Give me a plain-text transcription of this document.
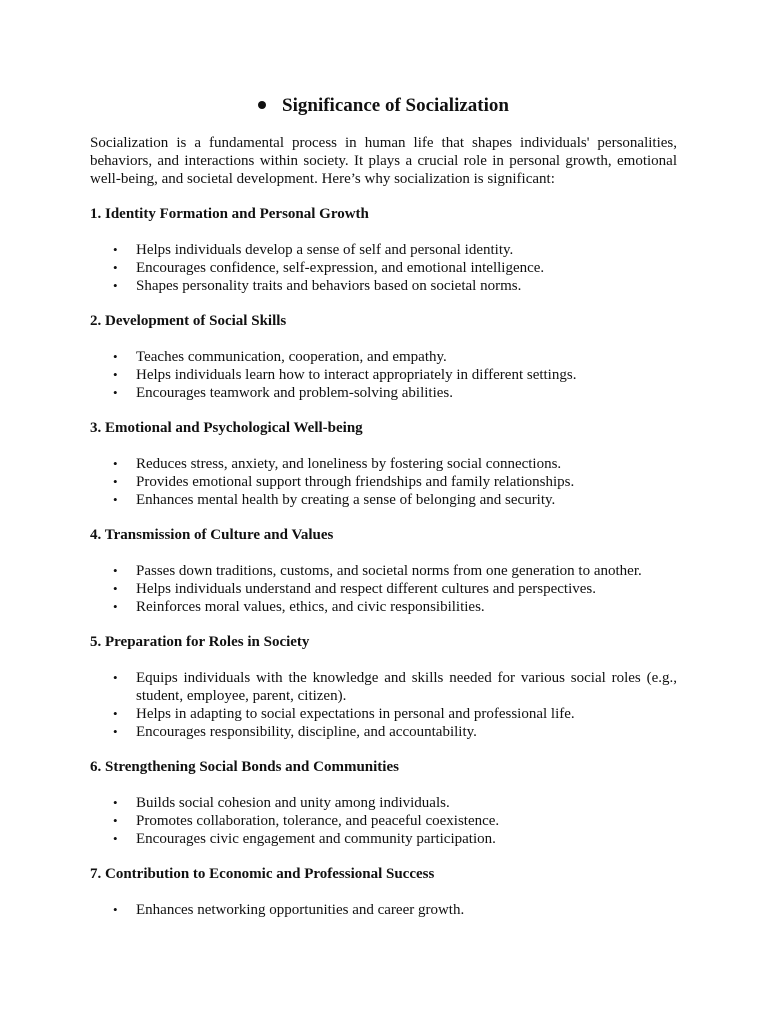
Significance of Socialization

Socialization is a fundamental process in human life that shapes individuals' personalities, behaviors, and interactions within society. It plays a crucial role in personal growth, emotional well-being, and societal development. Here’s why socialization is significant:

1. Identity Formation and Personal Growth
• Helps individuals develop a sense of self and personal identity.
• Encourages confidence, self-expression, and emotional intelligence.
• Shapes personality traits and behaviors based on societal norms.
2. Development of Social Skills
• Teaches communication, cooperation, and empathy.
• Helps individuals learn how to interact appropriately in different settings.
• Encourages teamwork and problem-solving abilities.
3. Emotional and Psychological Well-being
• Reduces stress, anxiety, and loneliness by fostering social connections.
• Provides emotional support through friendships and family relationships.
• Enhances mental health by creating a sense of belonging and security.
4. Transmission of Culture and Values
• Passes down traditions, customs, and societal norms from one generation to another.
• Helps individuals understand and respect different cultures and perspectives.
• Reinforces moral values, ethics, and civic responsibilities.
5. Preparation for Roles in Society
• Equips individuals with the knowledge and skills needed for various social roles (e.g., student, employee, parent, citizen).
• Helps in adapting to social expectations in personal and professional life.
• Encourages responsibility, discipline, and accountability.
6. Strengthening Social Bonds and Communities
• Builds social cohesion and unity among individuals.
• Promotes collaboration, tolerance, and peaceful coexistence.
• Encourages civic engagement and community participation.
7. Contribution to Economic and Professional Success
• Enhances networking opportunities and career growth.
